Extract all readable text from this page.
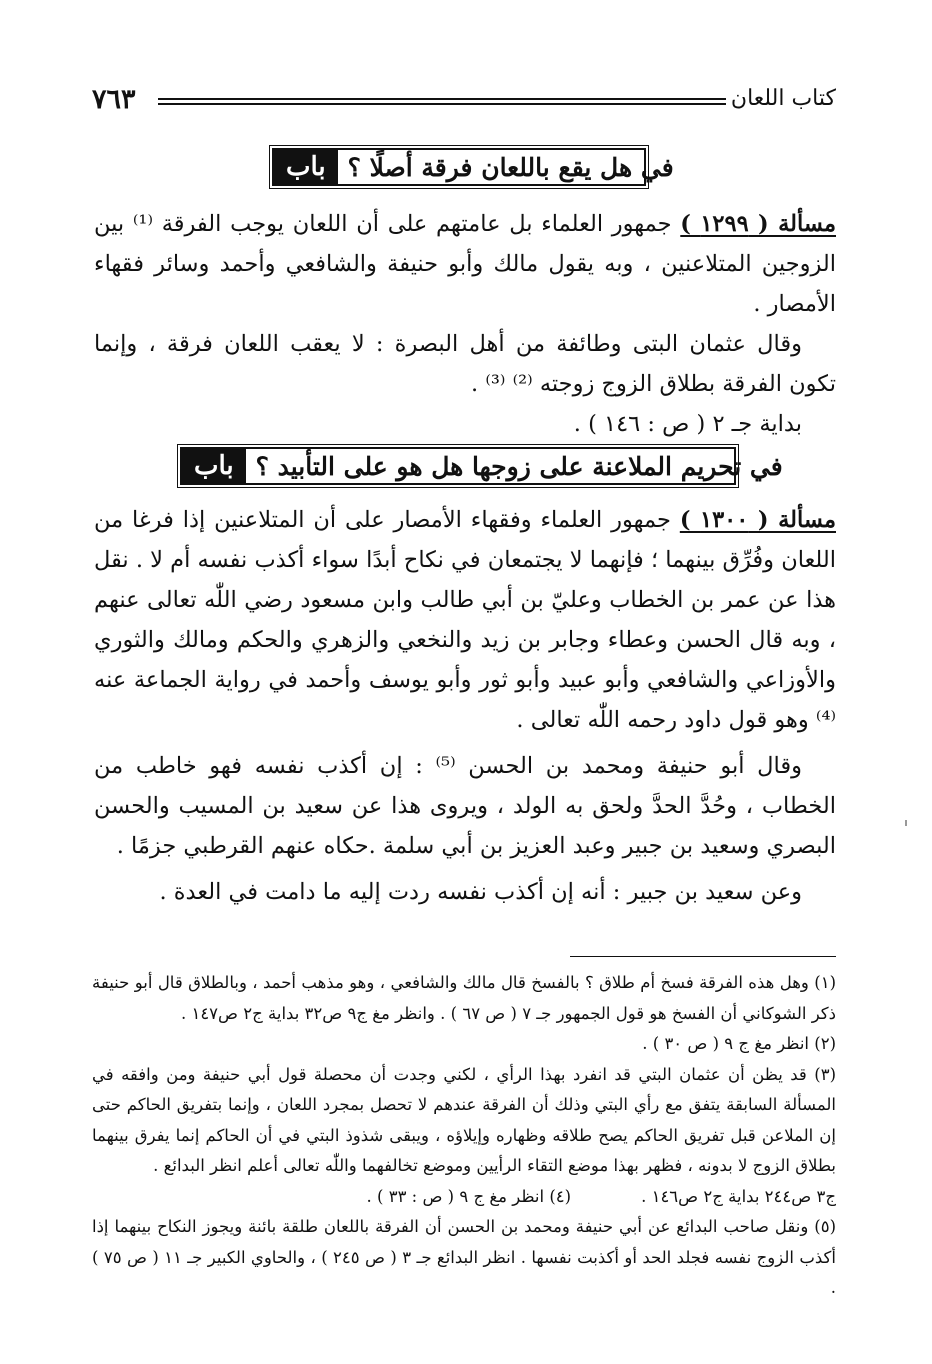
كتاب اللعان
٧٦٣
باب في هل يقع باللعان فرقة أصلًا ؟

مسألة ( ١٢٩٩ ) جمهور العلماء بل عامتهم على أن اللعان يوجب الفرقة ⁽¹⁾ بين الزوجين المتلاعنين ، وبه يقول مالك وأبو حنيفة والشافعي وأحمد وسائر فقهاء الأمصار .

وقال عثمان البتى وطائفة من أهل البصرة : لا يعقب اللعان فرقة ، وإنما تكون الفرقة بطلاق الزوج زوجته ⁽²⁾ ⁽³⁾ .

بداية جـ ٢ ( ص : ١٤٦ ) .

باب في تحريم الملاعنة على زوجها هل هو على التأبيد ؟

مسألة ( ١٣٠٠ ) جمهور العلماء وفقهاء الأمصار على أن المتلاعنين إذا فرغا من اللعان وفُرِّق بينهما ؛ فإنهما لا يجتمعان في نكاح أبدًا سواء أكذب نفسه أم لا . نقل هذا عن عمر بن الخطاب وعليّ بن أبي طالب وابن مسعود رضي اللّٰه تعالى عنهم ، وبه قال الحسن وعطاء وجابر بن زيد والنخعي والزهري والحكم ومالك والثوري والأوزاعي والشافعي وأبو عبيد وأبو ثور وأبو يوسف وأحمد في رواية الجماعة عنه ⁽⁴⁾ وهو قول داود رحمه اللّٰه تعالى .

وقال أبو حنيفة ومحمد بن الحسن ⁽⁵⁾ : إن أكذب نفسه فهو خاطب من الخطاب ، وحُدَّ الحدَّ ولحق به الولد ، ويروى هذا عن سعيد بن المسيب والحسن البصري وسعيد بن جبير وعبد العزيز بن أبي سلمة .حكاه عنهم القرطبي جزمًا .

وعن سعيد بن جبير : أنه إن أكذب نفسه ردت إليه ما دامت في العدة .

(١) وهل هذه الفرقة فسخ أم طلاق ؟ بالفسخ قال مالك والشافعي ، وهو مذهب أحمد ، وبالطلاق قال أبو حنيفة ذكر الشوكاني أن الفسخ هو قول الجمهور جـ ٧ ( ص ٦٧ ) . وانظر مغ ج٩ ص٣٢ بداية ج٢ ص١٤٧ .

(٢) انظر مغ ج ٩ ( ص ٣٠ ) .

(٣) قد يظن أن عثمان البتي قد انفرد بهذا الرأي ، لكني وجدت أن محصلة قول أبي حنيفة ومن وافقه في المسألة السابقة يتفق مع رأي البتي وذلك أن الفرقة عندهم لا تحصل بمجرد اللعان ، وإنما بتفريق الحاكم حتى إن الملاعن قبل تفريق الحاكم يصح طلاقه وظهاره وإيلاؤه ، ويبقى شذوذ البتي في أن الحاكم إنما يفرق بينهما بطلاق الزوج لا بدونه ، فظهر بهذا موضع التقاء الرأيين وموضع تخالفهما واللّٰه تعالى أعلم انظر البدائع .

ج٣ ص٢٤٤ بداية ج٢ ص١٤٦ .
(٤) انظر مغ ج ٩ ( ص : ٣٣ ) .

(٥) ونقل صاحب البدائع عن أبي حنيفة ومحمد بن الحسن أن الفرقة باللعان طلقة بائنة ويجوز النكاح بينهما إذا أكذب الزوج نفسه فجلد الحد أو أكذبت نفسها . انظر البدائع جـ ٣ ( ص ٢٤٥ ) ، والحاوي الكبير جـ ١١ ( ص ٧٥ ) .
